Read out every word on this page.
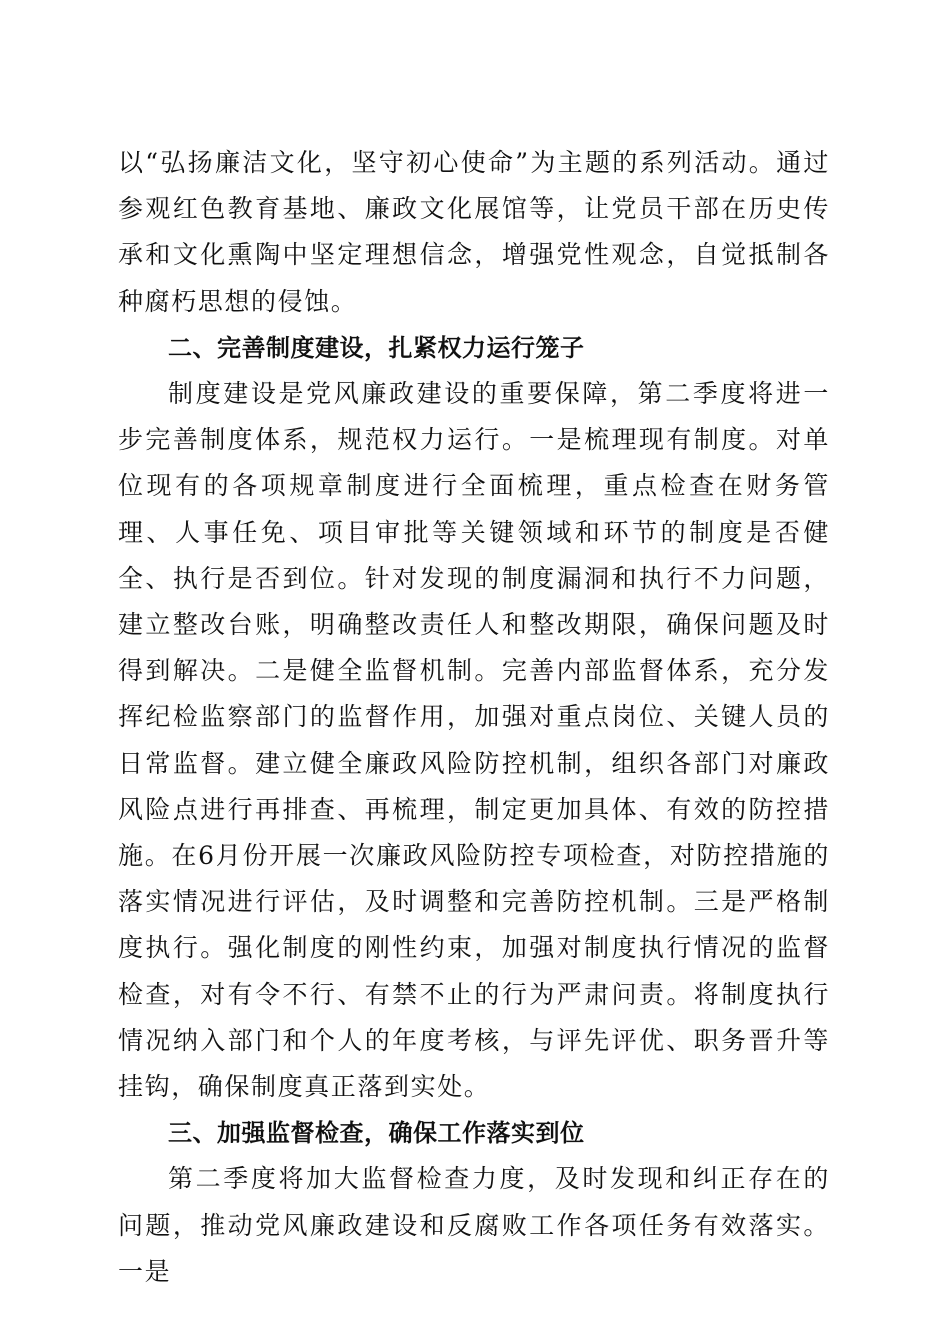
以“弘扬廉洁文化，坚守初心使命”为主题的系列活动。通过参观红色教育基地、廉政文化展馆等，让党员干部在历史传承和文化熏陶中坚定理想信念，增强党性观念，自觉抵制各种腐朽思想的侵蚀。

二、完善制度建设，扎紧权力运行笼子

制度建设是党风廉政建设的重要保障，第二季度将进一步完善制度体系，规范权力运行。一是梳理现有制度。对单位现有的各项规章制度进行全面梳理，重点检查在财务管理、人事任免、项目审批等关键领域和环节的制度是否健全、执行是否到位。针对发现的制度漏洞和执行不力问题，建立整改台账，明确整改责任人和整改期限，确保问题及时得到解决。二是健全监督机制。完善内部监督体系，充分发挥纪检监察部门的监督作用，加强对重点岗位、关键人员的日常监督。建立健全廉政风险防控机制，组织各部门对廉政风险点进行再排查、再梳理，制定更加具体、有效的防控措施。在6月份开展一次廉政风险防控专项检查，对防控措施的落实情况进行评估，及时调整和完善防控机制。三是严格制度执行。强化制度的刚性约束，加强对制度执行情况的监督检查，对有令不行、有禁不止的行为严肃问责。将制度执行情况纳入部门和个人的年度考核，与评先评优、职务晋升等挂钩，确保制度真正落到实处。

三、加强监督检查，确保工作落实到位

第二季度将加大监督检查力度，及时发现和纠正存在的问题，推动党风廉政建设和反腐败工作各项任务有效落实。一是
